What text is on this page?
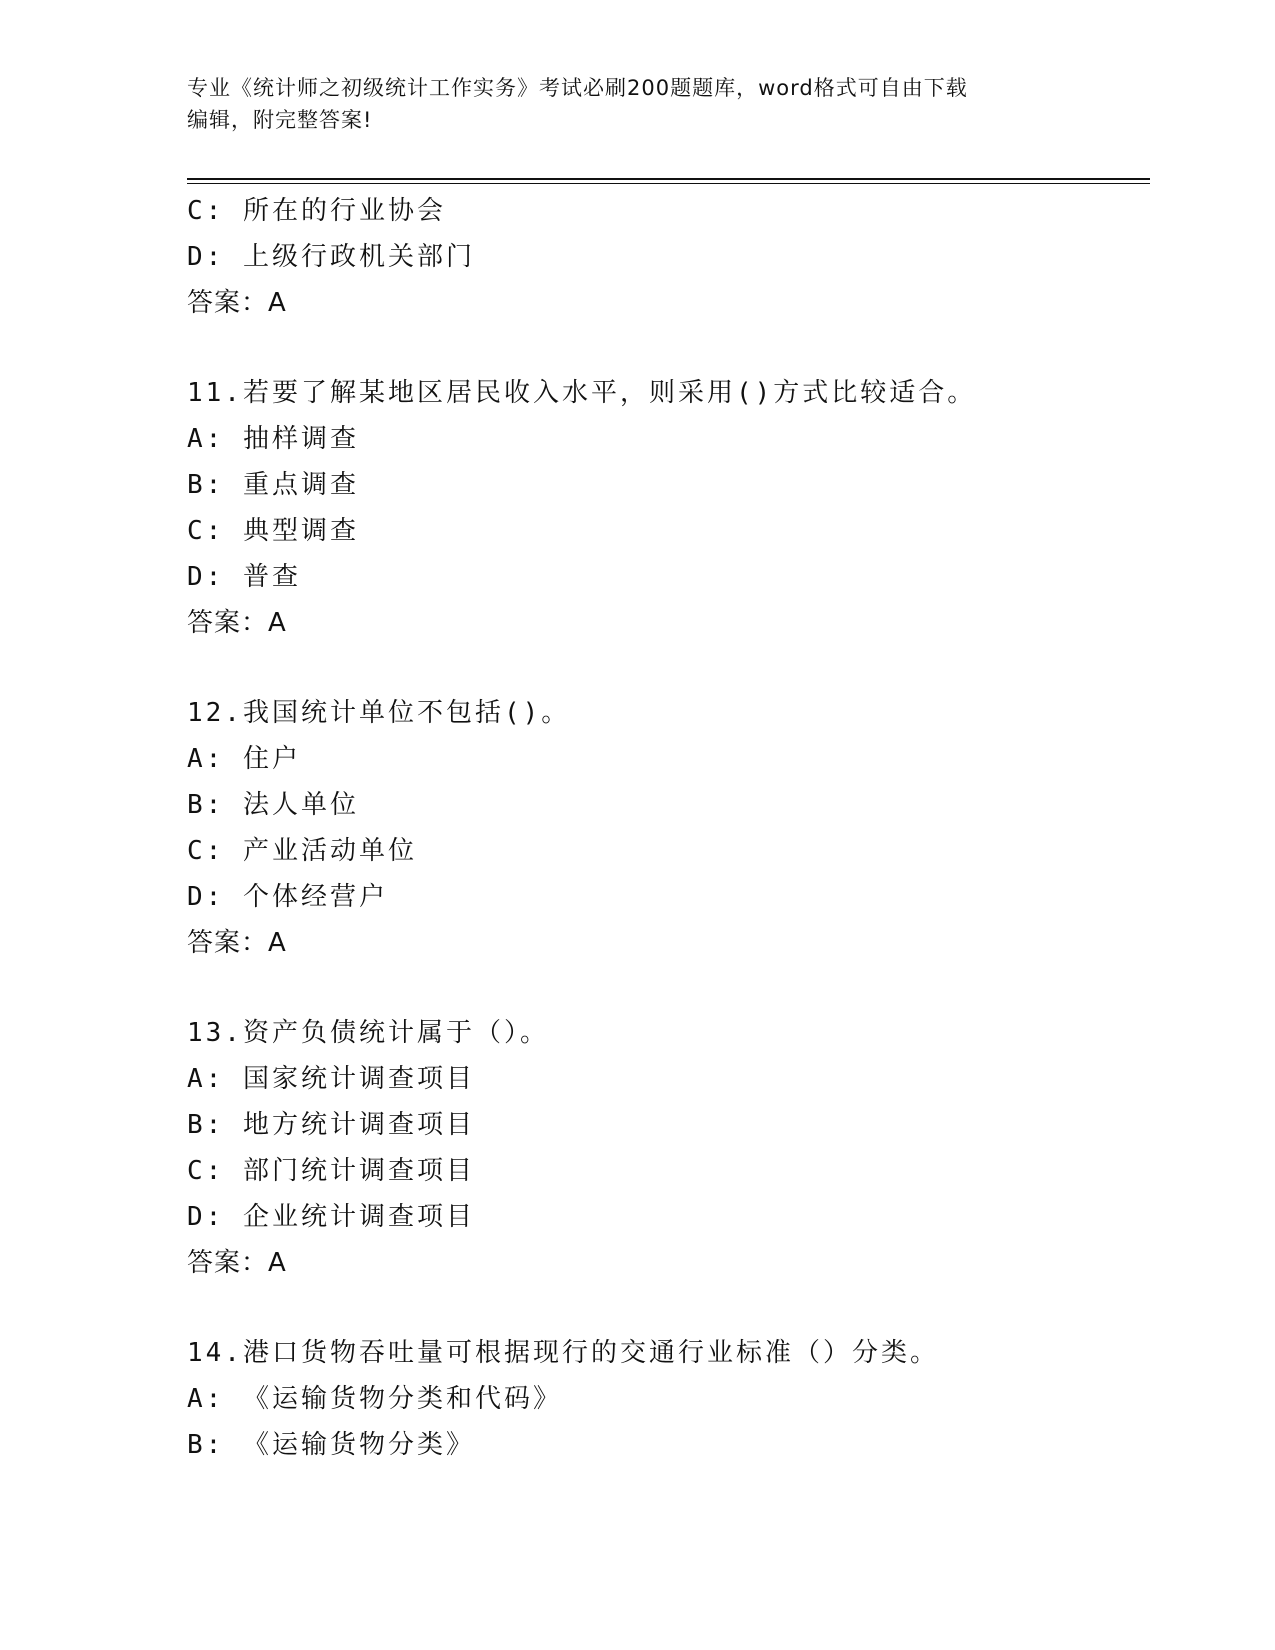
专业《统计师之初级统计工作实务》考试必刷200题题库，word格式可自由下载
编辑，附完整答案!
C: 所在的行业协会
D: 上级行政机关部门
答案：A
11.若要了解某地区居民收入水平，则采用()方式比较适合。
A: 抽样调查
B: 重点调查
C: 典型调查
D: 普查
答案：A
12.我国统计单位不包括()。
A: 住户
B: 法人单位
C: 产业活动单位
D: 个体经营户
答案：A
13.资产负债统计属于（）。
A: 国家统计调查项目
B: 地方统计调查项目
C: 部门统计调查项目
D: 企业统计调查项目
答案：A
14.港口货物吞吐量可根据现行的交通行业标准（）分类。
A: 《运输货物分类和代码》
B: 《运输货物分类》
